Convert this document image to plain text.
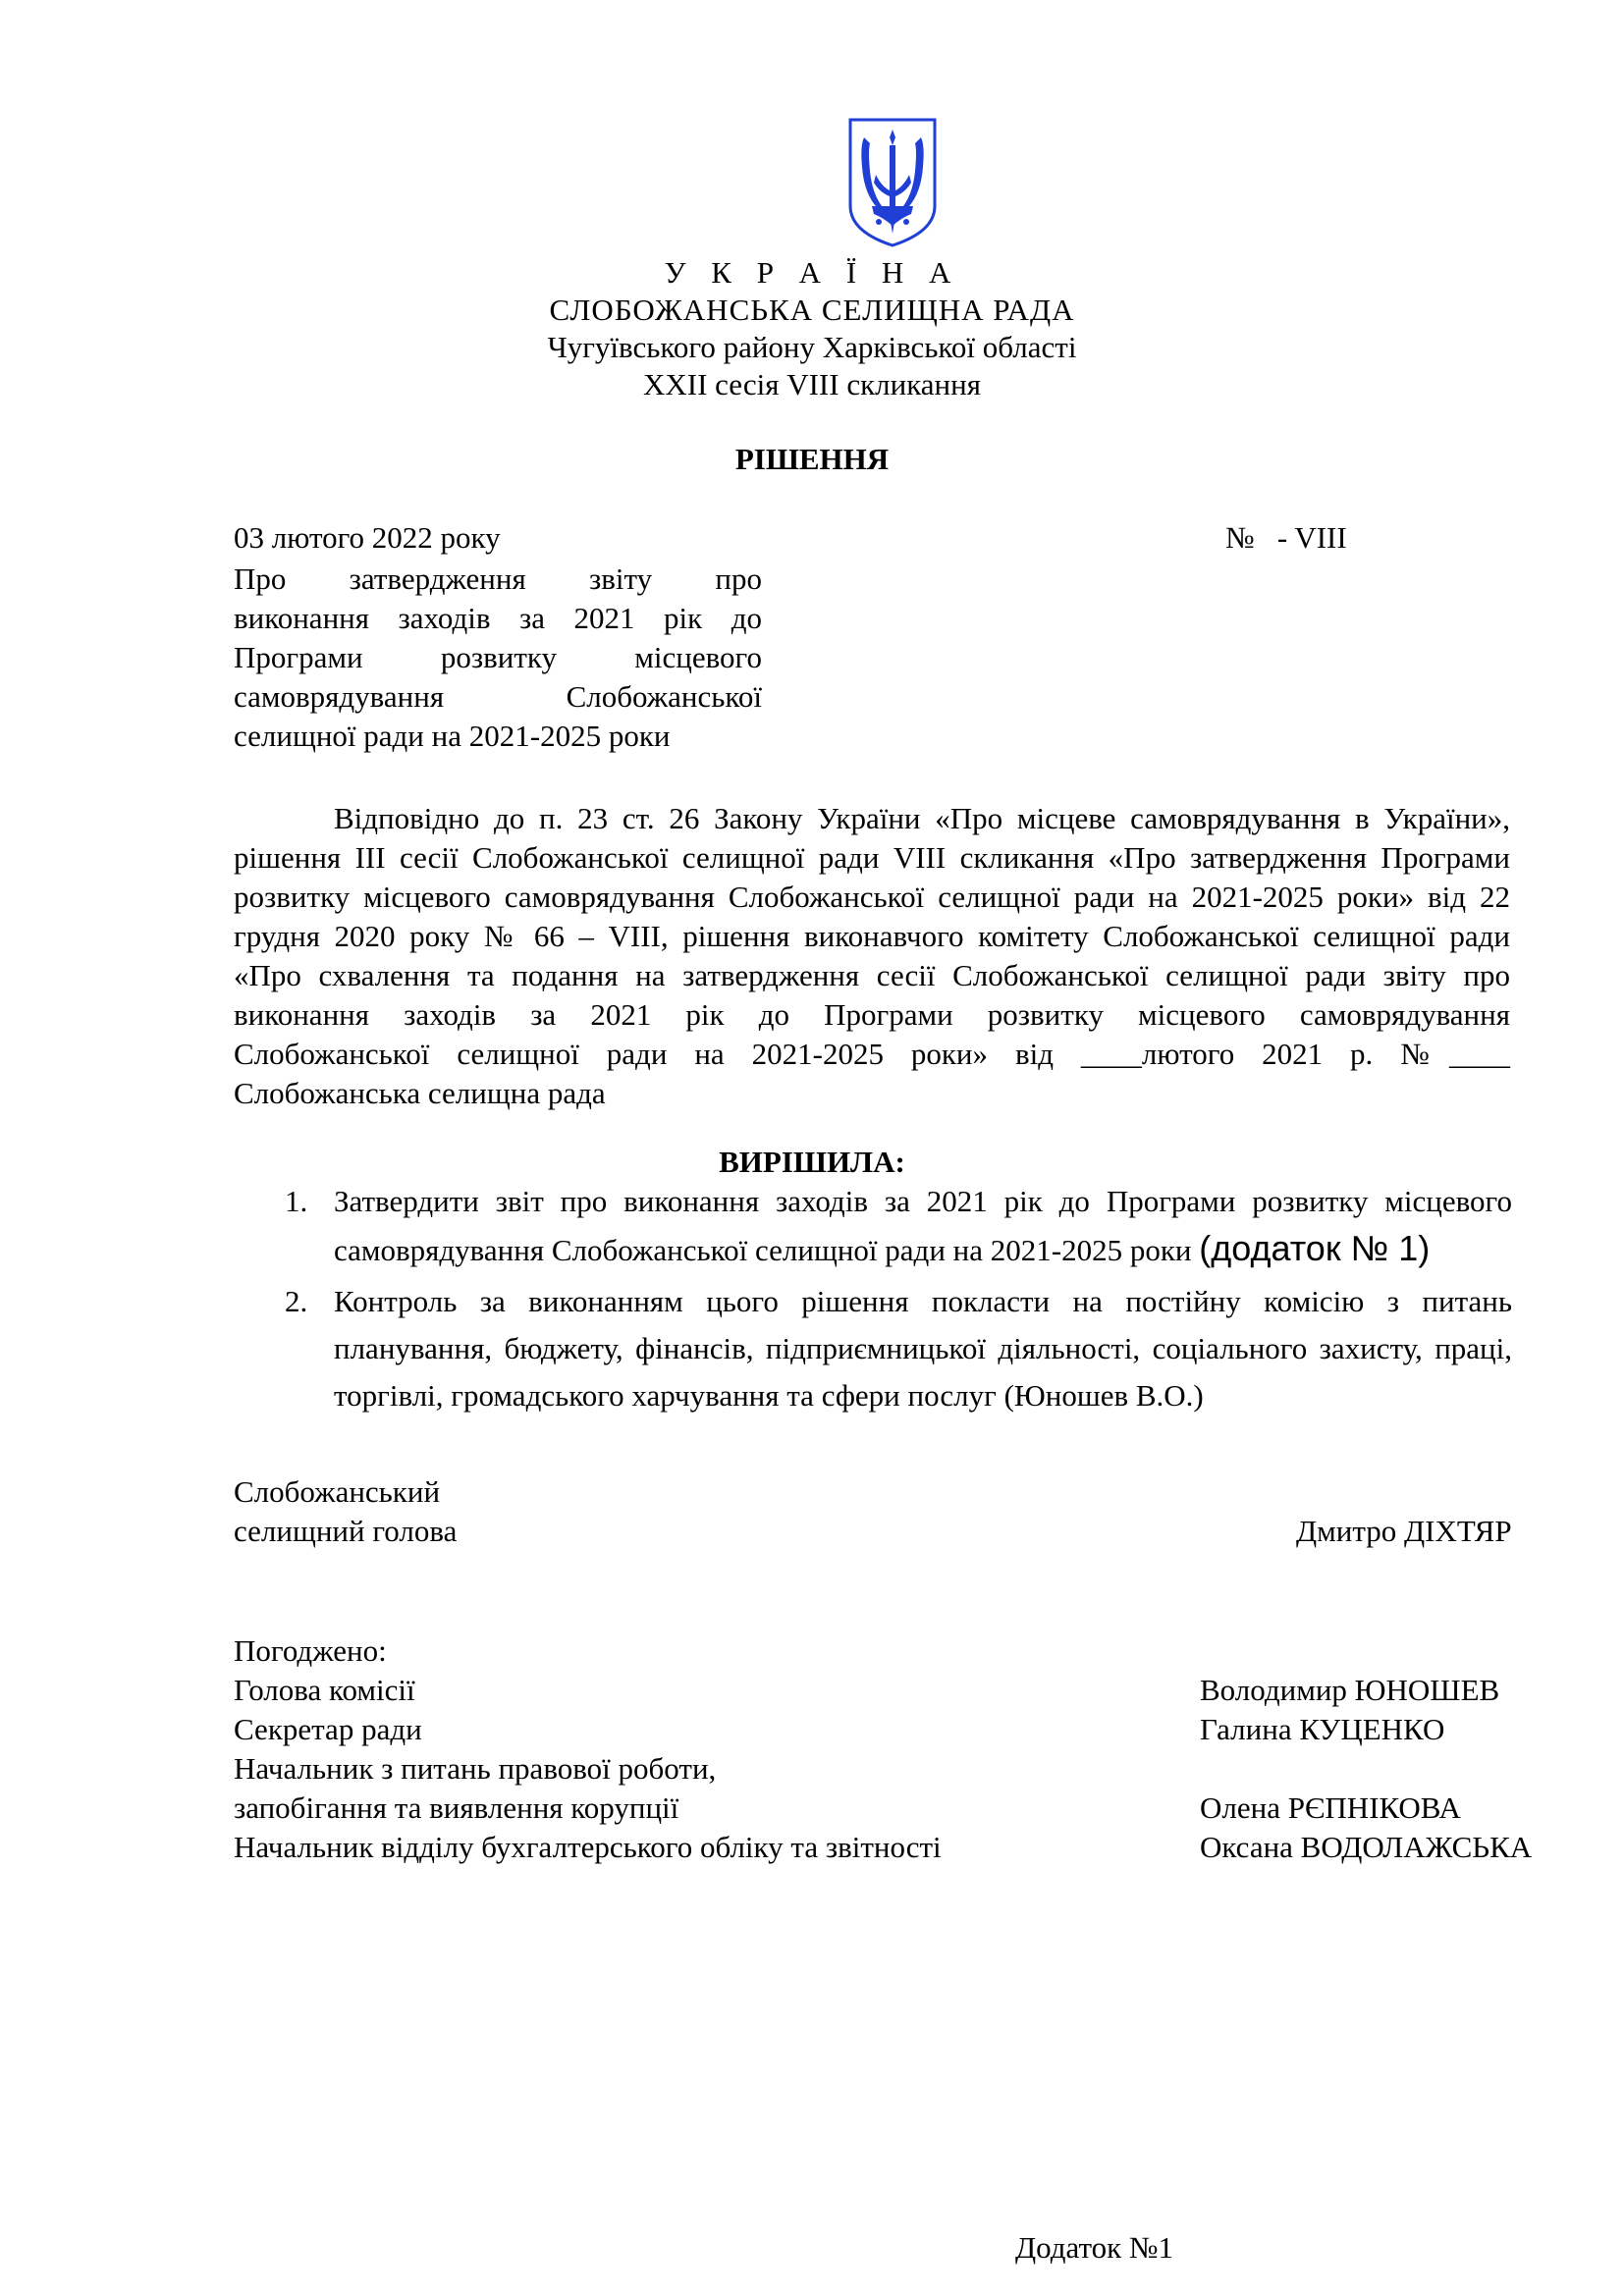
У К Р А Ї Н А
СЛОБОЖАНСЬКА СЕЛИЩНА РАДА
Чугуївського району Харківської області
XXII сесія VIII скликання
РІШЕННЯ
03 лютого 2022 року	№   - VIII
Про затвердження звіту про
виконання заходів за 2021 рік до
Програми розвитку місцевого
самоврядування Слобожанської
селищної ради на 2021-2025 роки
Відповідно до п. 23 ст. 26 Закону України «Про місцеве самоврядування в України»,
рішення ІІІ сесії Слобожанської селищної ради VIII скликання «Про затвердження Програми
розвитку місцевого самоврядування Слобожанської селищної ради на 2021-2025 роки» від 22
грудня 2020 року № 66 – VIII, рішення виконавчого комітету Слобожанської селищної ради
«Про схвалення та подання на затвердження сесії Слобожанської селищної ради звіту про
виконання заходів за 2021 рік до Програми розвитку місцевого самоврядування
Слобожанської селищної ради на 2021-2025 роки» від ____лютого 2021 р. №____
Слобожанська селищна рада
ВИРІШИЛА:
1. Затвердити звіт про виконання заходів за 2021 рік до Програми розвитку місцевого самоврядування Слобожанської селищної ради на 2021-2025 роки (додаток № 1)
2. Контроль за виконанням цього рішення покласти на постійну комісію з питань планування, бюджету, фінансів, підприємницької діяльності, соціального захисту, праці, торгівлі, громадського харчування та сфери послуг (Юношев В.О.)
Слобожанський
селищний голова	Дмитро ДІХТЯР
Погоджено:
Голова комісії	Володимир ЮНОШЕВ
Секретар ради	Галина КУЦЕНКО
Начальник з питань правової роботи,
запобігання та виявлення корупції	Олена РЄПНІКОВА
Начальник відділу бухгалтерського обліку та звітності	Оксана ВОДОЛАЖСЬКА
Додаток №1
